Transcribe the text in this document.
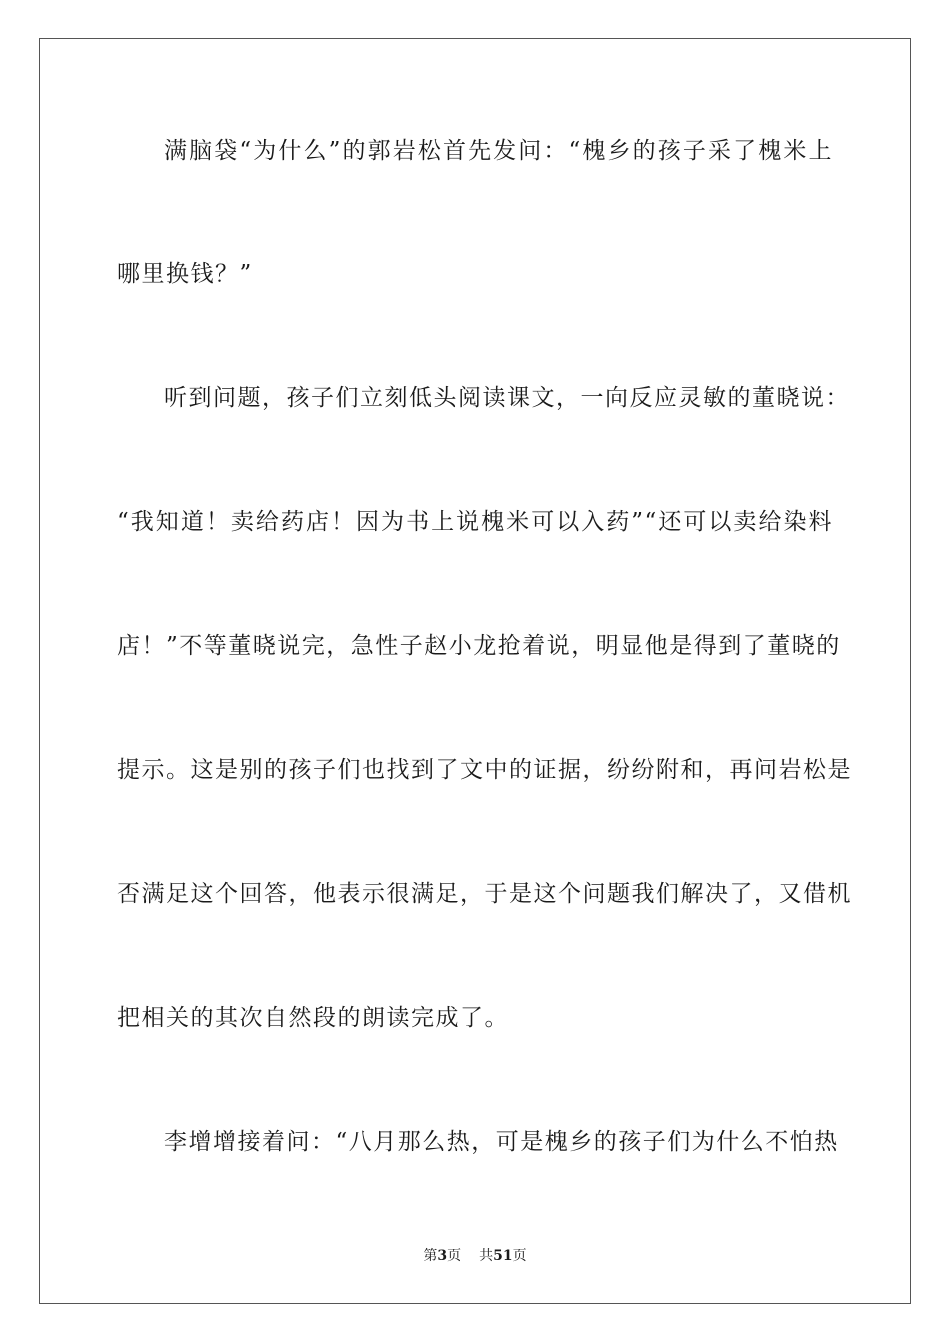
满脑袋“为什么”的郭岩松首先发问：“槐乡的孩子采了槐米上
哪里换钱？”
听到问题，孩子们立刻低头阅读课文，一向反应灵敏的董晓说：
“我知道！卖给药店！因为书上说槐米可以入药”“还可以卖给染料
店！”不等董晓说完，急性子赵小龙抢着说，明显他是得到了董晓的
提示。这是别的孩子们也找到了文中的证据，纷纷附和，再问岩松是
否满足这个回答，他表示很满足，于是这个问题我们解决了，又借机
把相关的其次自然段的朗读完成了。
李增增接着问：“八月那么热，可是槐乡的孩子们为什么不怕热
第3页 共51页
